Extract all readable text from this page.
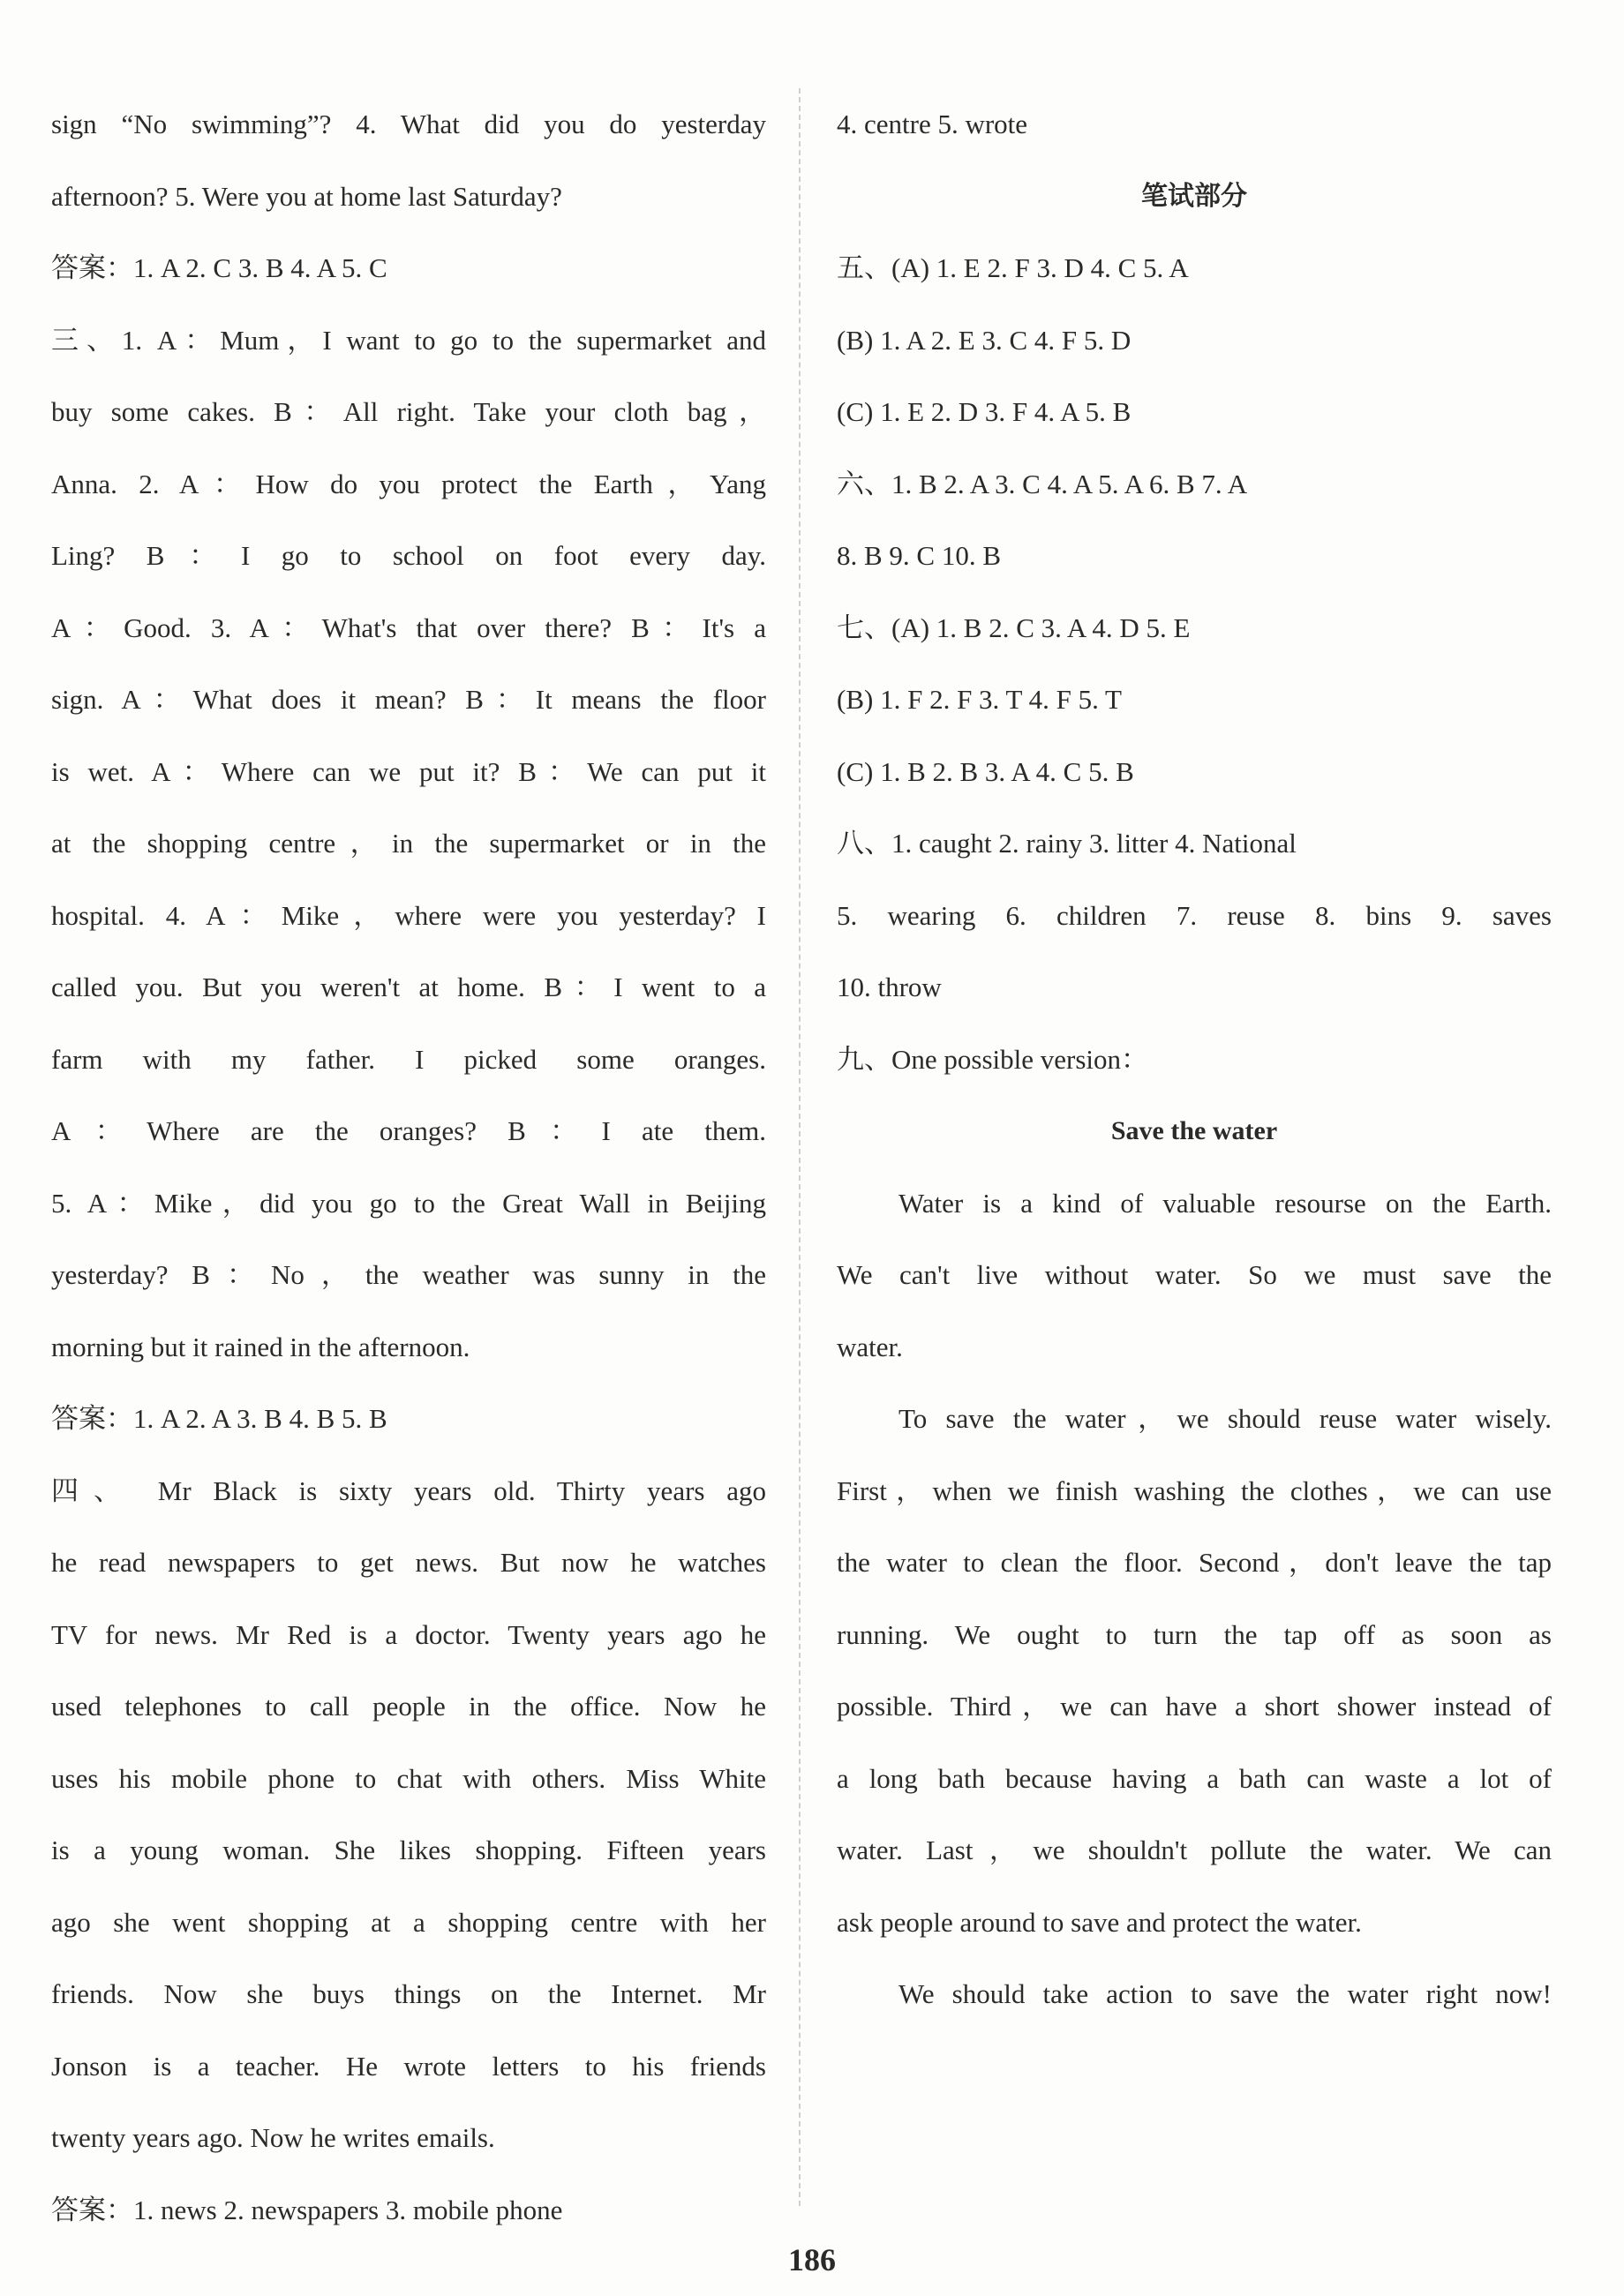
sign “No swimming”? 4. What did you do yesterday
afternoon? 5. Were you at home last Saturday?
答案：1. A 2. C 3. B 4. A 5. C
三、1. A：Mum，I want to go to the supermarket and
buy some cakes. B：All right. Take your cloth bag，
Anna. 2. A：How do you protect the Earth，Yang
Ling? B：I go to school on foot every day.
A：Good. 3. A：What's that over there? B：It's a
sign. A：What does it mean? B：It means the floor
is wet. A：Where can we put it? B：We can put it
at the shopping centre，in the supermarket or in the
hospital. 4. A：Mike，where were you yesterday? I
called you. But you weren't at home. B：I went to a
farm with my father. I picked some oranges.
A：Where are the oranges? B：I ate them.
5. A：Mike，did you go to the Great Wall in Beijing
yesterday? B：No，the weather was sunny in the
morning but it rained in the afternoon.
答案：1. A 2. A 3. B 4. B 5. B
四、 Mr Black is sixty years old. Thirty years ago
he read newspapers to get news. But now he watches
TV for news. Mr Red is a doctor. Twenty years ago he
used telephones to call people in the office. Now he
uses his mobile phone to chat with others. Miss White
is a young woman. She likes shopping. Fifteen years
ago she went shopping at a shopping centre with her
friends. Now she buys things on the Internet. Mr
Jonson is a teacher. He wrote letters to his friends
twenty years ago. Now he writes emails.
答案：1. news 2. newspapers 3. mobile phone
4. centre 5. wrote
笔试部分
五、(A) 1. E 2. F 3. D 4. C 5. A
(B) 1. A 2. E 3. C 4. F 5. D
(C) 1. E 2. D 3. F 4. A 5. B
六、1. B 2. A 3. C 4. A 5. A 6. B 7. A
8. B 9. C 10. B
七、(A) 1. B 2. C 3. A 4. D 5. E
(B) 1. F 2. F 3. T 4. F 5. T
(C) 1. B 2. B 3. A 4. C 5. B
八、1. caught 2. rainy 3. litter 4. National
5. wearing 6. children 7. reuse 8. bins 9. saves
10. throw
九、One possible version：
Save the water
Water is a kind of valuable resourse on the Earth.
We can't live without water. So we must save the
water.
To save the water，we should reuse water wisely.
First，when we finish washing the clothes，we can use
the water to clean the floor. Second，don't leave the tap
running. We ought to turn the tap off as soon as
possible. Third，we can have a short shower instead of
a long bath because having a bath can waste a lot of
water. Last，we shouldn't pollute the water. We can
ask people around to save and protect the water.
We should take action to save the water right now!
186
